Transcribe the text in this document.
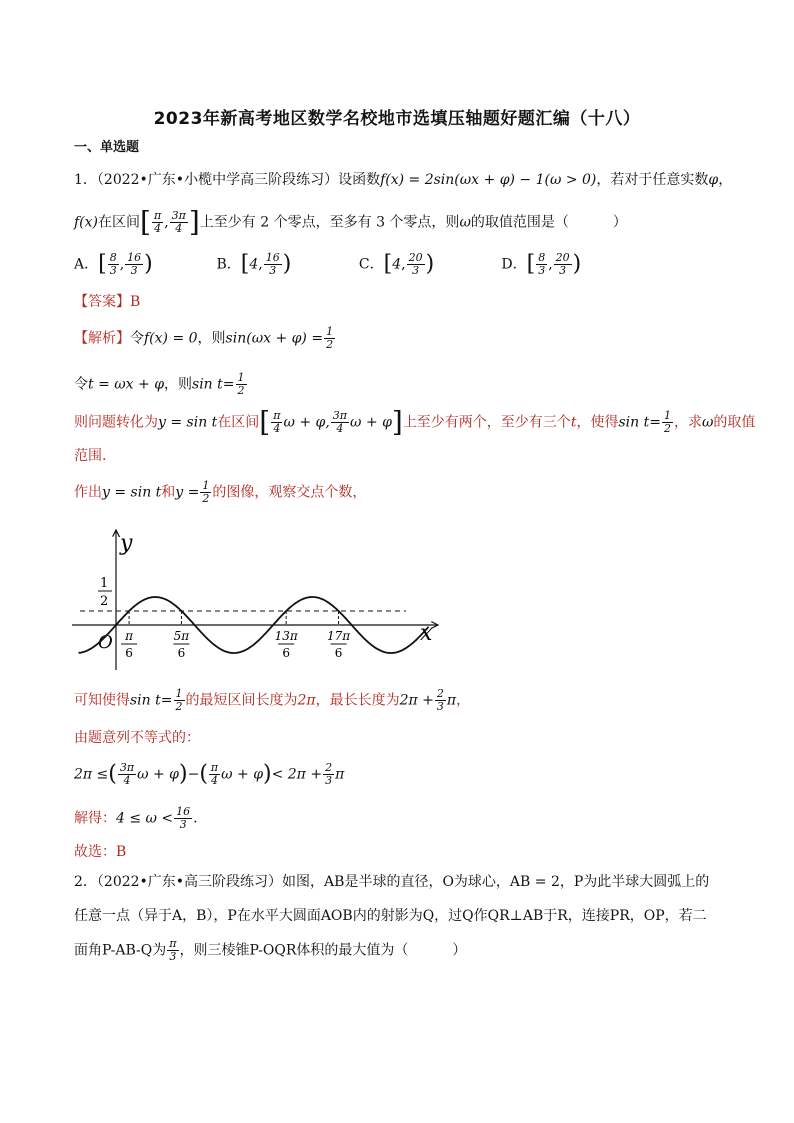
2023年新高考地区数学名校地市选填压轴题好题汇编（十八）
一、单选题
1．（2022•广东•小榄中学高三阶段练习）设函数f(x) = 2sin(ωx + φ) − 1(ω > 0)，若对于任意实数φ，
f(x)在区间[ $\frac{\pi}{4}$ , $\frac{3\pi}{4}$ ]上至少有 2 个零点，至多有 3 个零点，则ω的取值范围是（	）
A．[ $\frac{8}{3}$ , $\frac{16}{3}$ )	B．[4, $\frac{16}{3}$ )	C．[4, $\frac{20}{3}$ )	D．[ $\frac{8}{3}$ , $\frac{20}{3}$ )
【答案】B
【解析】令f(x) = 0，则$\sin(\omega x + \varphi) = \frac{1}{2}$
令t = ωx + φ，则$\sin t= \frac{1}{2}$
则问题转化为y = sin t在区间[ $\frac{\pi}{4}$ ω + φ, $\frac{3\pi}{4}$ ω + φ]上至少有两个，至少有三个t，使得$\sin t= \frac{1}{2}$ ，求ω的取值
范围.
作出y = sin t和$y = \frac{1}{2}$ 的图像，观察交点个数，
y
x
O
1
2
π
6
5π
6
13π
6
17π
6
可知使得$\sin t= \frac{1}{2}$ 的最短区间长度为2π，最长长度为$2\pi + \frac{2}{3}$ π，
由题意列不等式的：
2π ≤( $\frac{3\pi}{4}$ $\omega + \varphi)-( \frac{\pi}{4}$ $\omega + \varphi)< 2\pi + \frac{2}{3}$ π
解得：$4 \le \omega < \frac{16}{3}$ .
故选：B
2．（2022•广东•高三阶段练习）如图，AB是半球的直径，O为球心，AB = 2，P为此半球大圆弧上的
任意一点（异于A，B），P在水平大圆面AOB内的射影为Q，过Q作QR⊥AB于R，连接PR，OP，若二
面角P-AB-Q为 $\frac{\pi}{3}$ ，则三棱锥P-OQR体积的最大值为（	）
